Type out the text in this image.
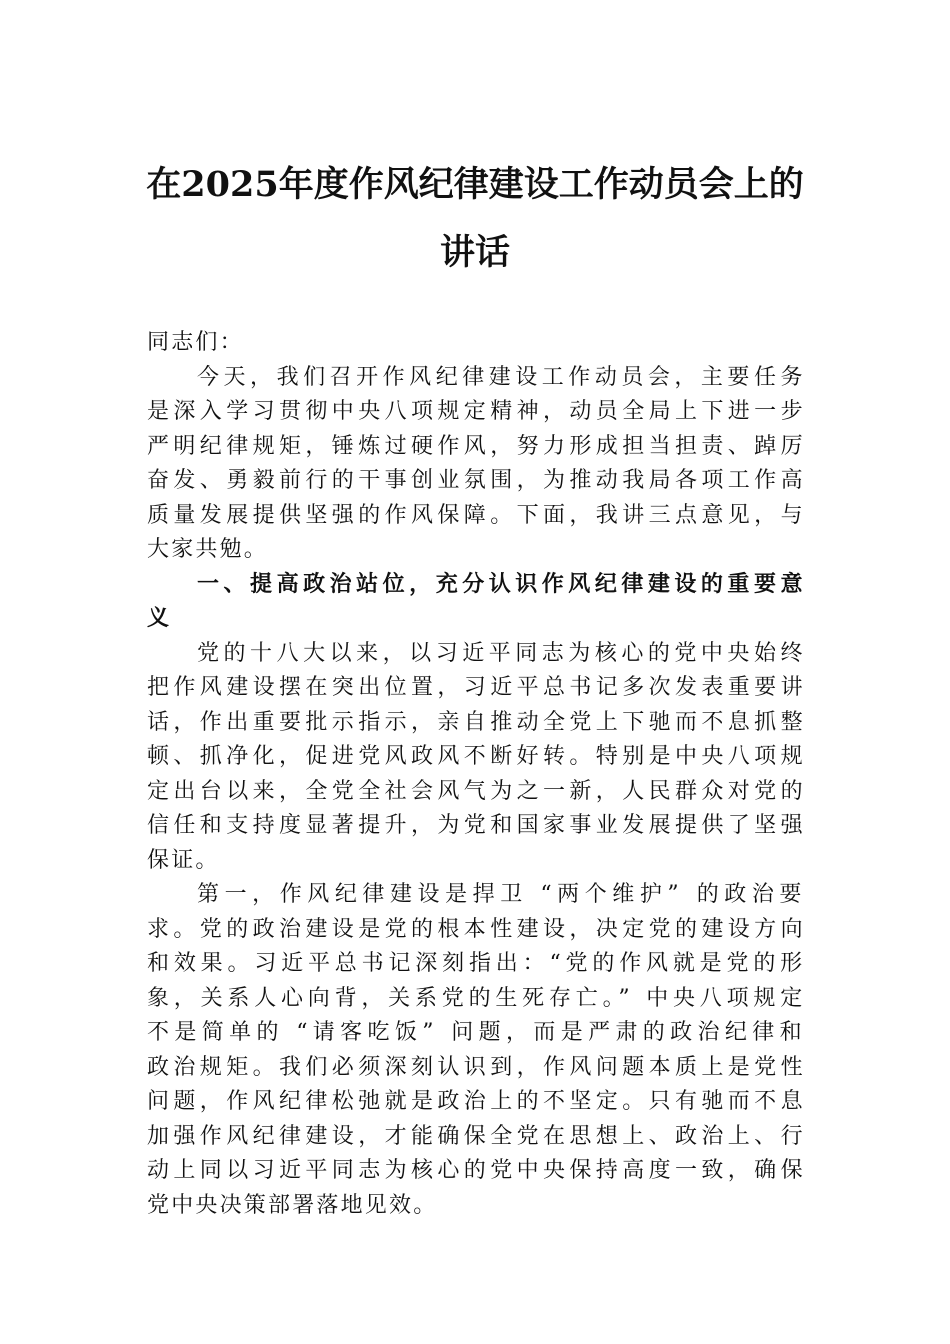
在2025年度作风纪律建设工作动员会上的
讲话
同志们：
今天，我们召开作风纪律建设工作动员会，主要任务
是深入学习贯彻中央八项规定精神，动员全局上下进一步
严明纪律规矩，锤炼过硬作风，努力形成担当担责、踔厉
奋发、勇毅前行的干事创业氛围，为推动我局各项工作高
质量发展提供坚强的作风保障。下面，我讲三点意见，与
大家共勉。
一、提高政治站位，充分认识作风纪律建设的重要意
义
党的十八大以来，以习近平同志为核心的党中央始终
把作风建设摆在突出位置，习近平总书记多次发表重要讲
话，作出重要批示指示，亲自推动全党上下驰而不息抓整
顿、抓净化，促进党风政风不断好转。特别是中央八项规
定出台以来，全党全社会风气为之一新，人民群众对党的
信任和支持度显著提升，为党和国家事业发展提供了坚强
保证。
第一，作风纪律建设是捍卫 “两个维护” 的政治要
求。党的政治建设是党的根本性建设，决定党的建设方向
和效果。习近平总书记深刻指出：“党的作风就是党的形
象，关系人心向背，关系党的生死存亡。” 中央八项规定
不是简单的 “请客吃饭” 问题，而是严肃的政治纪律和
政治规矩。我们必须深刻认识到，作风问题本质上是党性
问题，作风纪律松弛就是政治上的不坚定。只有驰而不息
加强作风纪律建设，才能确保全党在思想上、政治上、行
动上同以习近平同志为核心的党中央保持高度一致，确保
党中央决策部署落地见效。
